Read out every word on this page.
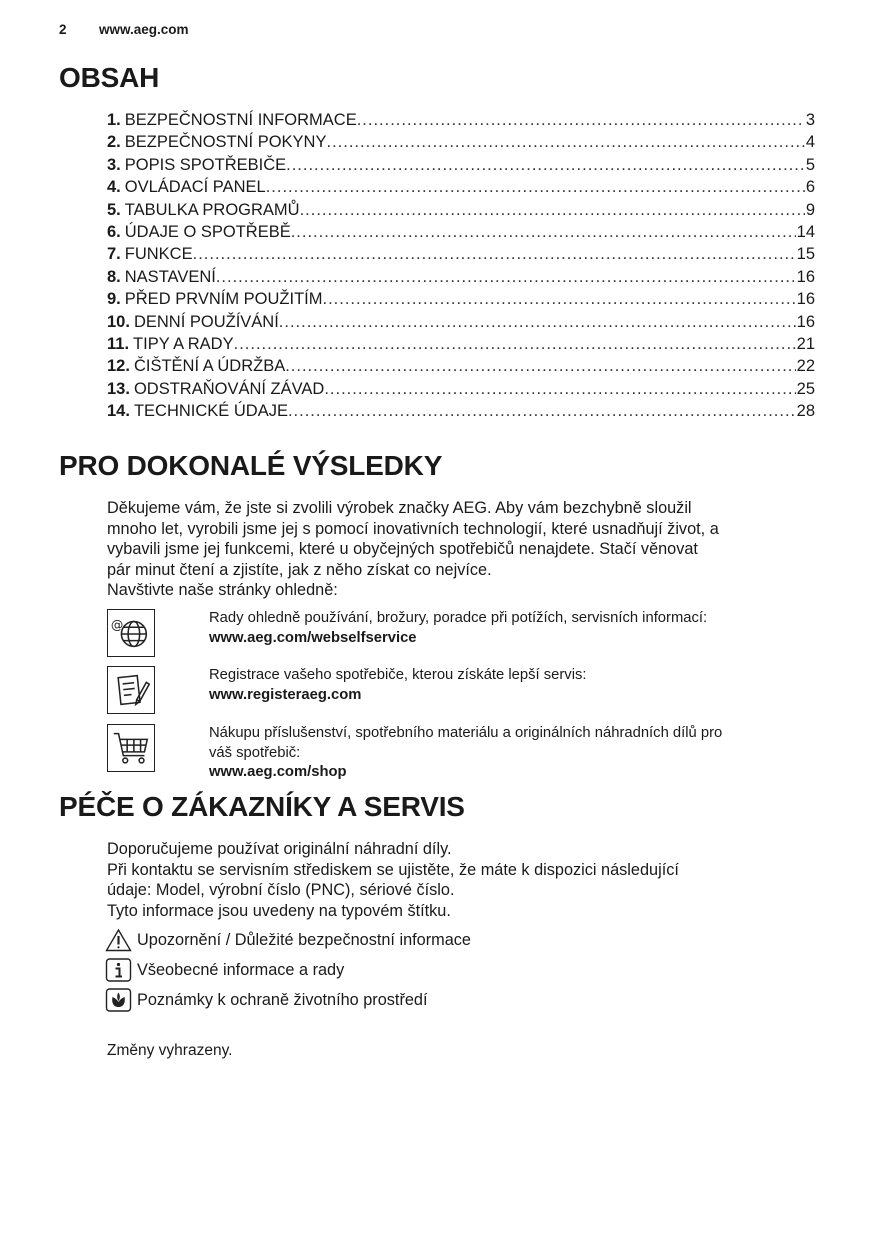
2 www.aeg.com
OBSAH
1. BEZPEČNOSTNÍ INFORMACE .....	3
2. BEZPEČNOSTNÍ POKYNY .....	4
3. POPIS SPOTŘEBIČE .....	5
4. OVLÁDACÍ PANEL .....	6
5. TABULKA PROGRAMŮ .....	9
6. ÚDAJE O SPOTŘEBĚ .....	14
7. FUNKCE .....	15
8. NASTAVENÍ .....	16
9. PŘED PRVNÍM POUŽITÍM .....	16
10. DENNÍ POUŽÍVÁNÍ .....	16
11. TIPY A RADY .....	21
12. ČIŠTĚNÍ A ÚDRŽBA .....	22
13. ODSTRAŇOVÁNÍ ZÁVAD .....	25
14. TECHNICKÉ ÚDAJE .....	28
PRO DOKONALÉ VÝSLEDKY
Děkujeme vám, že jste si zvolili výrobek značky AEG. Aby vám bezchybně sloužil
mnoho let, vyrobili jsme jej s pomocí inovativních technologií, které usnadňují život, a
vybavili jsme jej funkcemi, které u obyčejných spotřebičů nenajdete. Stačí věnovat
pár minut čtení a zjistíte, jak z něho získat co nejvíce.
Navštivte naše stránky ohledně:
@	Rady ohledně používání, brožury, poradce při potížích, servisních informací:
www.aeg.com/webselfservice
Registrace vašeho spotřebiče, kterou získáte lepší servis:
www.registeraeg.com
Nákupu příslušenství, spotřebního materiálu a originálních náhradních dílů pro
váš spotřebič:
www.aeg.com/shop
PÉČE O ZÁKAZNÍKY A SERVIS
Doporučujeme používat originální náhradní díly.
Při kontaktu se servisním střediskem se ujistěte, že máte k dispozici následující
údaje: Model, výrobní číslo (PNC), sériové číslo.
Tyto informace jsou uvedeny na typovém štítku.
Upozornění / Důležité bezpečnostní informace
Všeobecné informace a rady
Poznámky k ochraně životního prostředí
Změny vyhrazeny.
